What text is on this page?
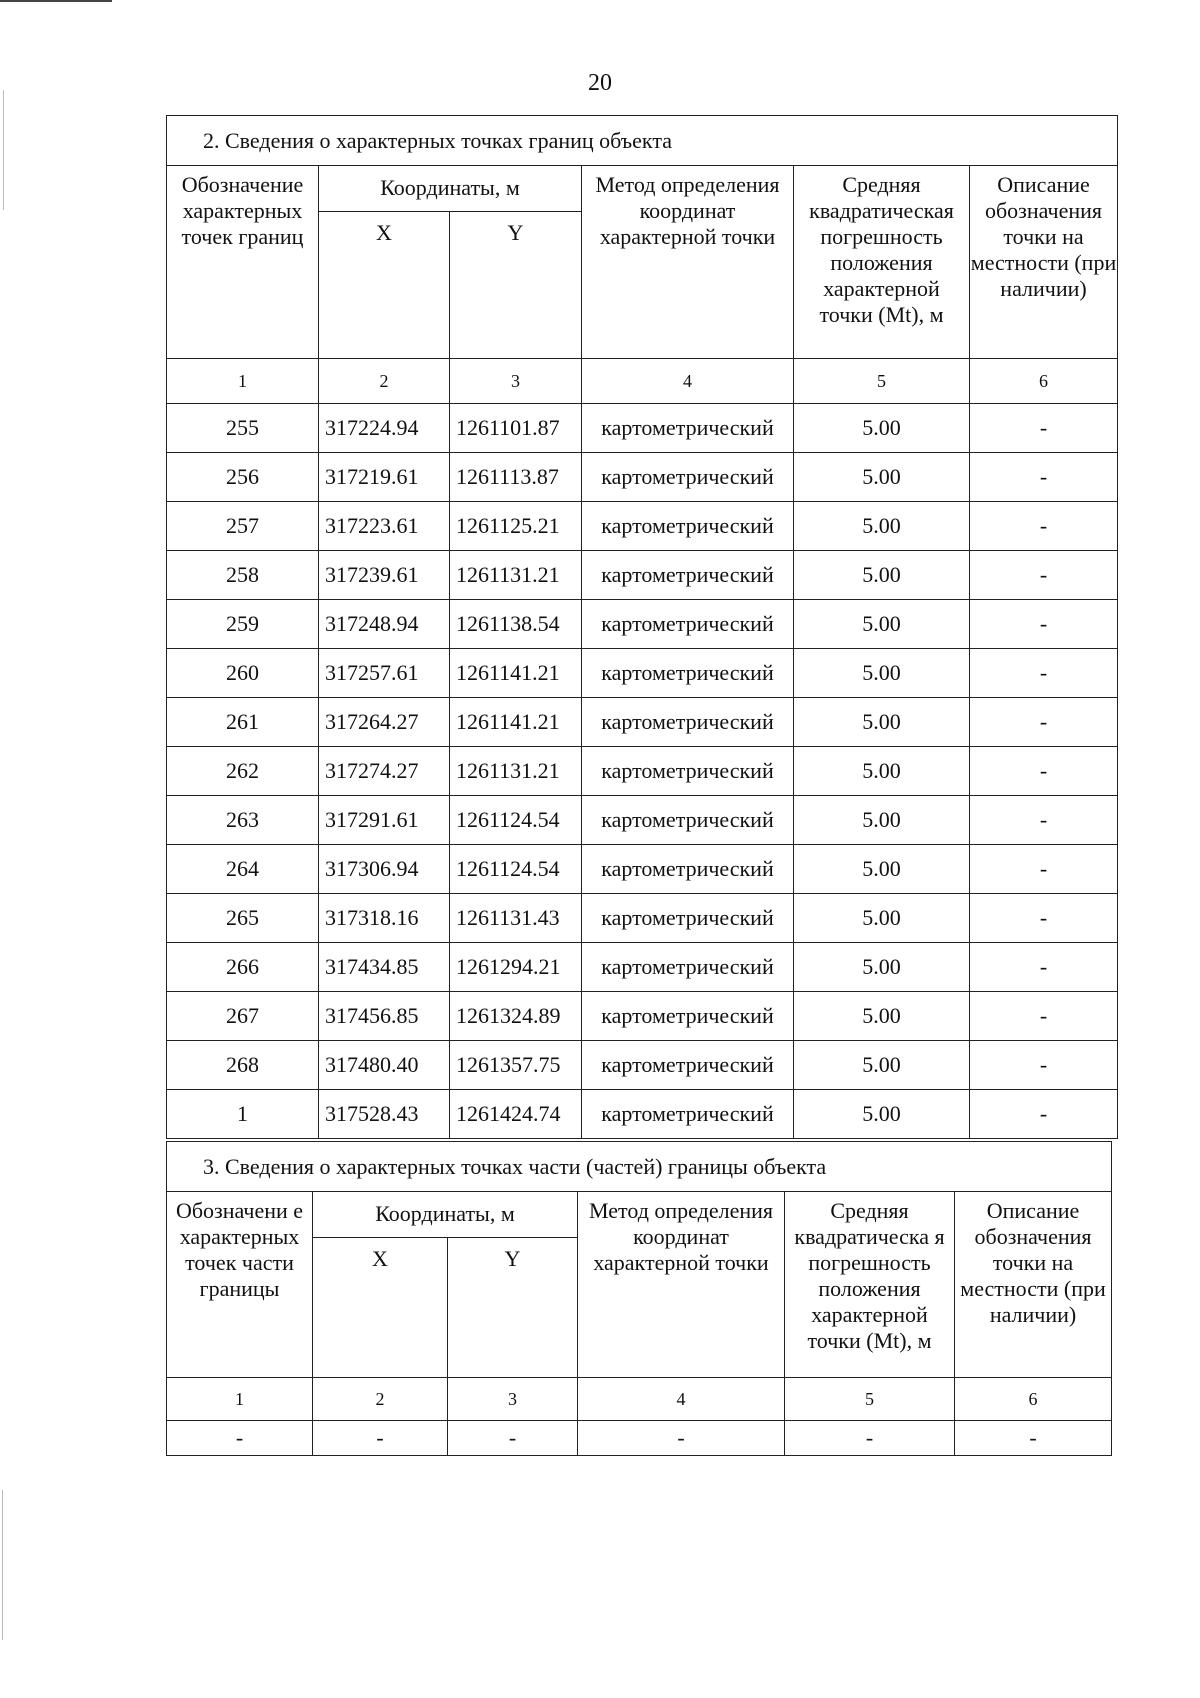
20
2. Сведения о характерных точках границ объекта					
Обозначение характерных точек границ	Координаты, м		Метод определения координат характерной точки	Средняя квадратическая погрешность положения характерной точки (Mt), м	Описание обозначения точки на местности (при наличии)
	X	Y			
1	2	3	4	5	6
255	317224.94	1261101.87	картометрический	5.00	-
256	317219.61	1261113.87	картометрический	5.00	-
257	317223.61	1261125.21	картометрический	5.00	-
258	317239.61	1261131.21	картометрический	5.00	-
259	317248.94	1261138.54	картометрический	5.00	-
260	317257.61	1261141.21	картометрический	5.00	-
261	317264.27	1261141.21	картометрический	5.00	-
262	317274.27	1261131.21	картометрический	5.00	-
263	317291.61	1261124.54	картометрический	5.00	-
264	317306.94	1261124.54	картометрический	5.00	-
265	317318.16	1261131.43	картометрический	5.00	-
266	317434.85	1261294.21	картометрический	5.00	-
267	317456.85	1261324.89	картометрический	5.00	-
268	317480.40	1261357.75	картометрический	5.00	-
1	317528.43	1261424.74	картометрический	5.00	-
3. Сведения о характерных точках части (частей) границы объекта					
Обозначени е характерных точек части границы	Координаты, м		Метод определения координат характерной точки	Средняя квадратическа я погрешность положения характерной точки (Mt), м	Описание обозначения точки на местности (при наличии)
	X	Y			
1	2	3	4	5	6
-	-	-	-	-	-
